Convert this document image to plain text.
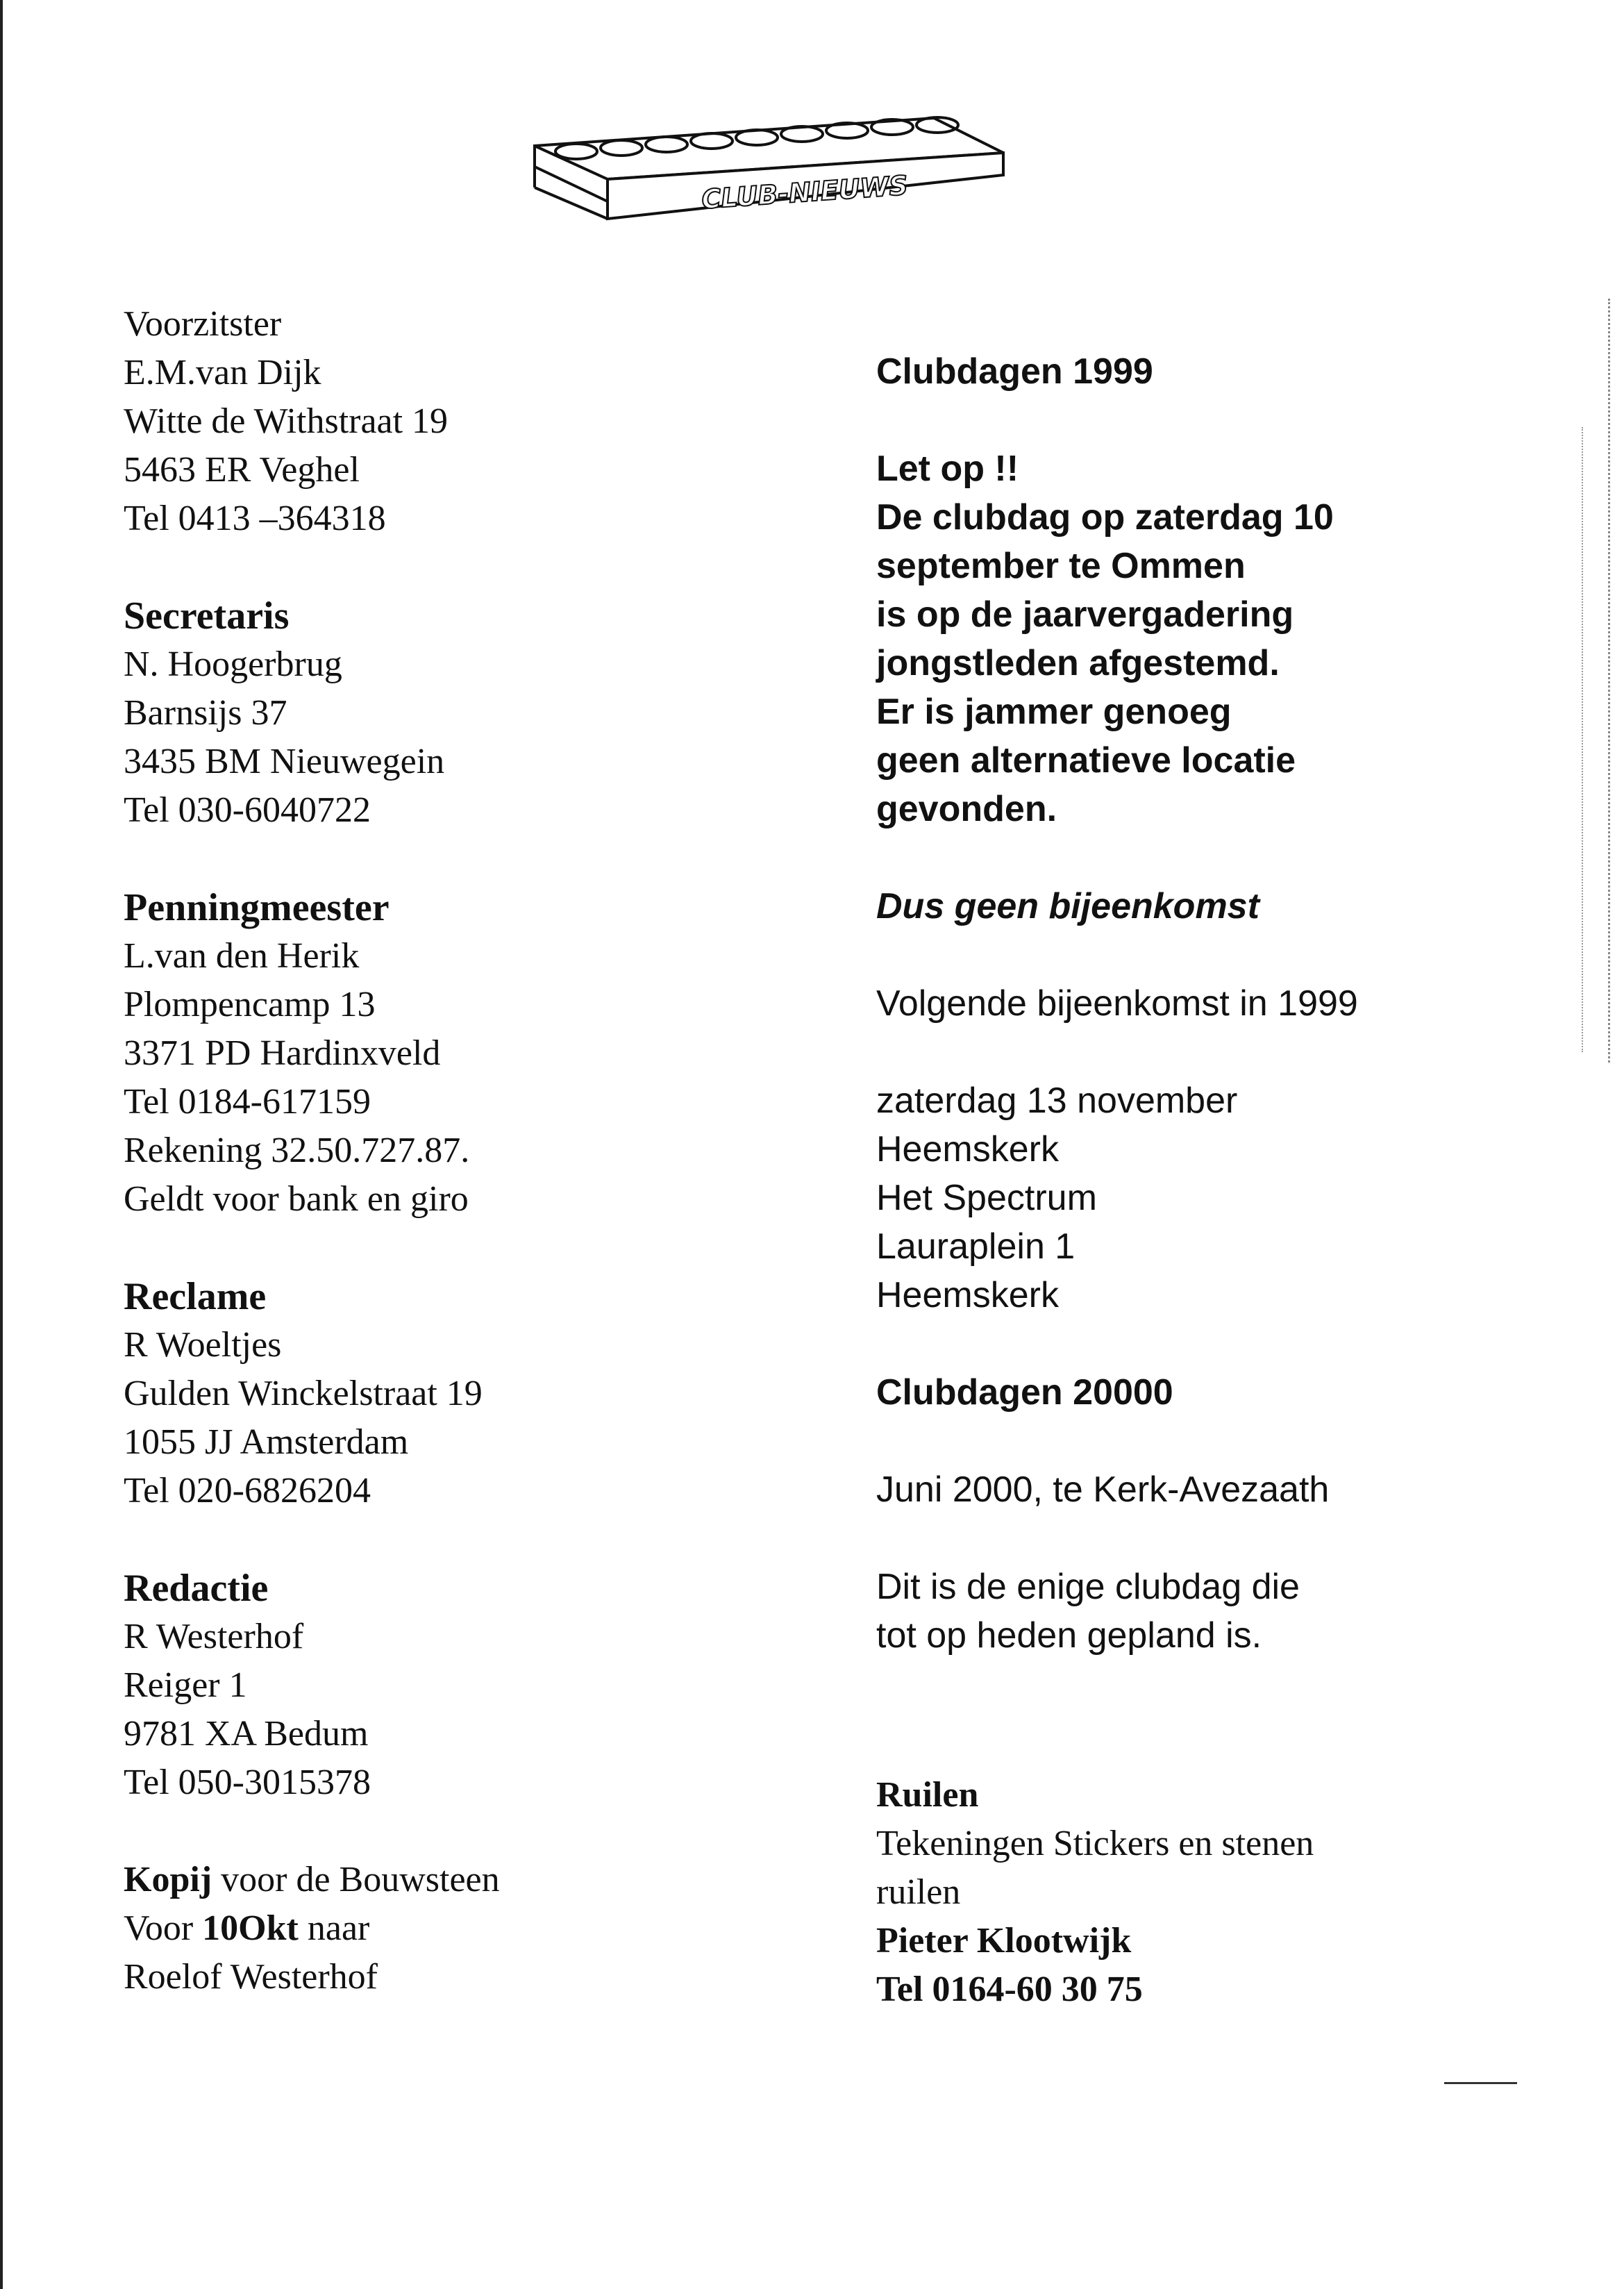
CLUB-NIEUWS
Voorzitster
E.M.van Dijk
Witte de Withstraat 19
5463 ER Veghel
Tel 0413 –364318
Secretaris
N. Hoogerbrug
Barnsijs 37
3435 BM Nieuwegein
Tel 030-6040722
Penningmeester
L.van den Herik
Plompencamp 13
3371 PD Hardinxveld
Tel 0184-617159
Rekening 32.50.727.87.
Geldt voor bank en giro
Reclame
R Woeltjes
Gulden Winckelstraat 19
1055 JJ Amsterdam
Tel 020-6826204
Redactie
R Westerhof
Reiger 1
9781 XA Bedum
Tel 050-3015378
Kopij voor de Bouwsteen
Voor 10Okt naar
Roelof Westerhof
Clubdagen 1999
Let op !!
De clubdag op zaterdag 10
september te Ommen
is op de jaarvergadering
jongstleden afgestemd.
Er is jammer genoeg
geen alternatieve locatie
gevonden.
Dus geen bijeenkomst
Volgende bijeenkomst in 1999
zaterdag 13 november
Heemskerk
Het Spectrum
Lauraplein 1
Heemskerk
Clubdagen 20000
Juni 2000, te Kerk-Avezaath
Dit is de enige clubdag die
tot op heden gepland is.
Ruilen
Tekeningen Stickers en stenen
ruilen
Pieter Klootwijk
Tel 0164-60 30 75
